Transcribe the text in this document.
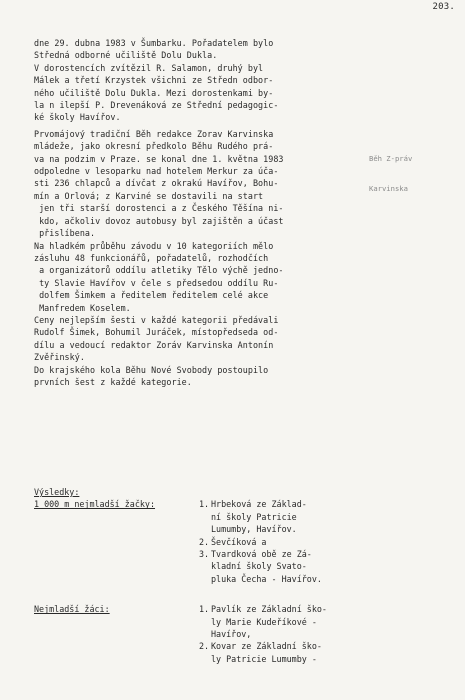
203.

Běh Z-práv

Karvinska

dne 29. dubna 1983 v Šumbarku. Pořadatelem bylo
Středná odborné učiliště Dolu Dukla.
V dorostencích zvítězil R. Salamon, druhý byl
Málek a třetí Krzystek všichni ze Středn odbor-
ného učiliště Dolu Dukla. Mezi dorostenkami by-
la n ilepší P. Drevenáková ze Střední pedagogic-
ké školy Havířov.
Prvomájový tradiční Běh redakce Zorav Karvinska
mládeže, jako okresní předkolo Běhu Rudého prá-
va na podzim v Praze. se konal dne 1. května 1983
odpoledne v lesoparku nad hotelem Merkur za úča-
sti 236 chlapců a dívčat z okrakú Havířov, Bohu-
mín a Orlová; z Karviné se dostavili na start
jen tři starší dorostenci a z Českého Těšína ni-
kdo, ačkoliv dovoz autobusy byl zajištěn a účast
přislíbena.
Na hladkém průběhu závodu v 10 kategoriích mělo
zásluhu 48 funkcionářů, pořadatelů, rozhodčích
a organizátorů oddílu atletiky Tělo výchě jedno-
ty Slavie Havířov v čele s předsedou oddílu Ru-
dolfem Šimkem a ředitelem ředitelem celé akce
Manfredem Koselem.
Ceny nejlepším šesti v každé kategorii předávali
Rudolf Šimek, Bohumil Juráček, místopředseda od-
dílu a vedoucí redaktor Zoráv Karvinska Antonín
Zvěřinský.
Do krajského kola Běhu Nové Svobody postoupilo
prvních šest z každé kategorie.
Výsledky:
1 000 m nejmladší žačky:	1. Hrbeková ze Základ-
ní školy Patricie
Lumumby, Havířov.
2. Ševčíková a
3. Tvardková obě ze Zá-
kladní školy Svato-
pluka Čecha - Havířov.
Nejmladší žáci:	1. Pavlík ze Základní ško-
ly Marie Kudeříkové -
Havířov,
2. Kovar ze Základní ško-
ly Patricie Lumumby -
